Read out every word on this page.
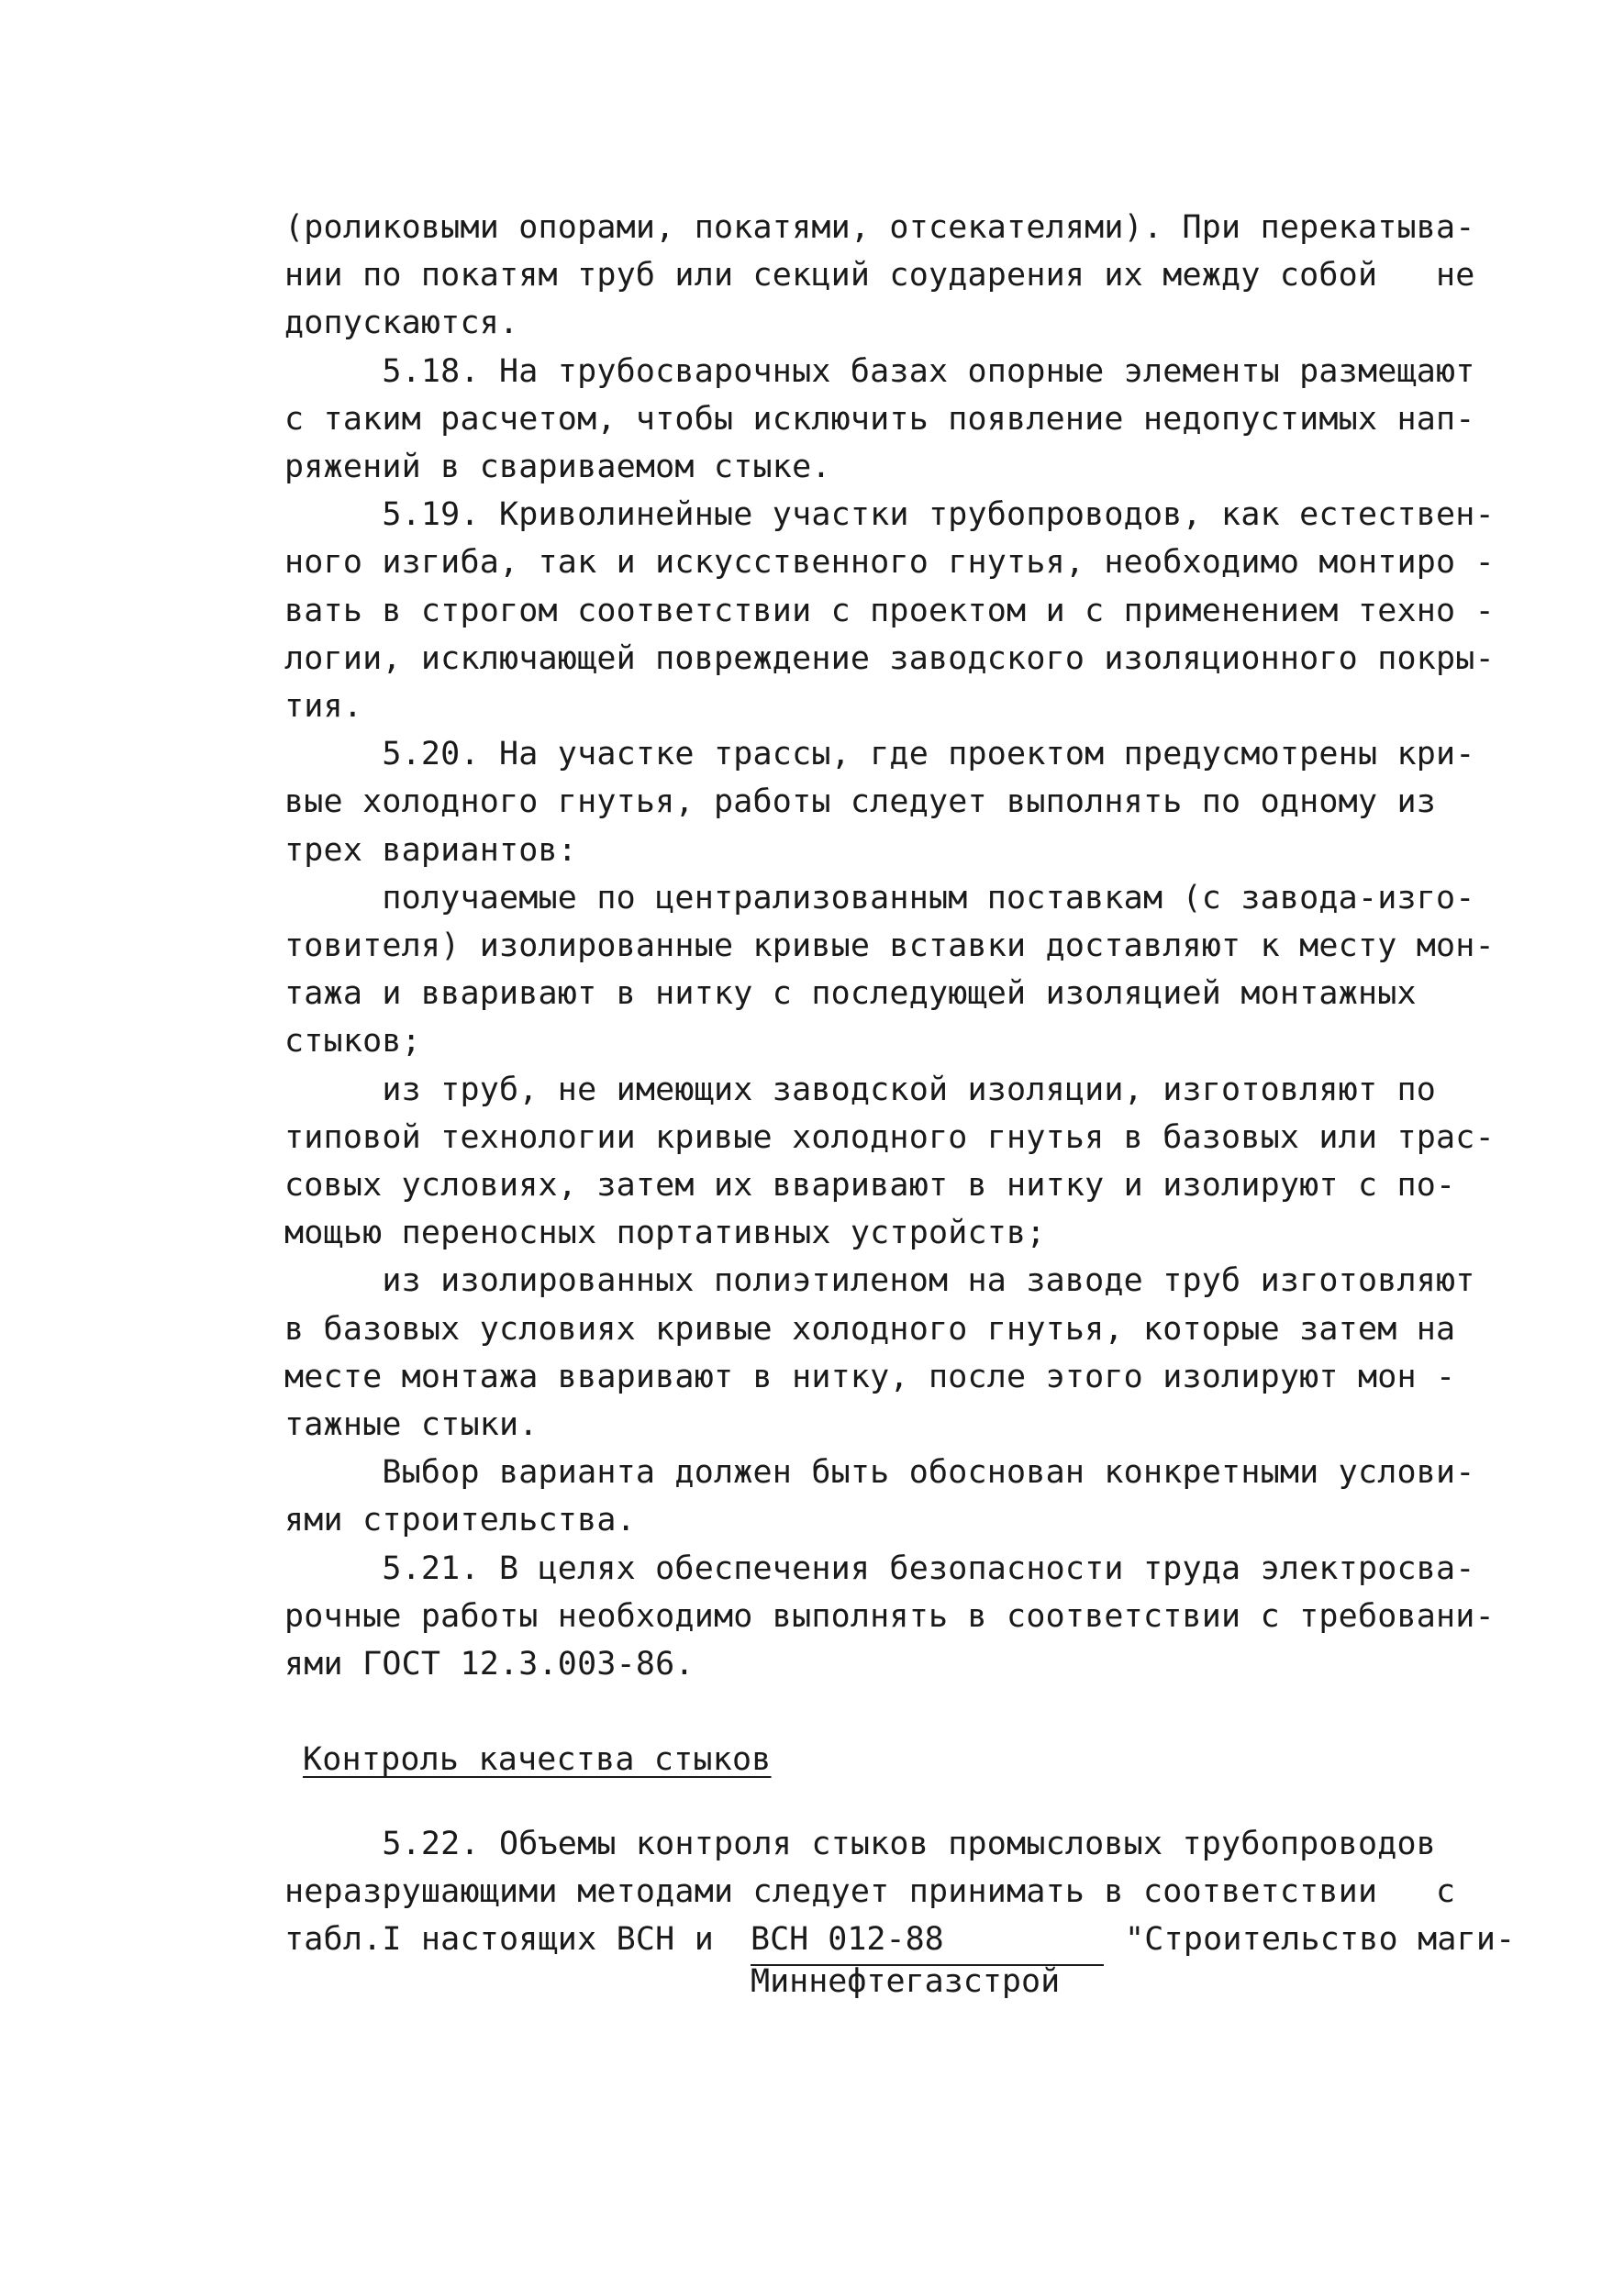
(роликовыми опорами, покатями, отсекателями). При перекатыва-
нии по покатям труб или секций соударения их между собой   не
допускаются.
5.18. На трубосварочных базах опорные элементы размещают
с таким расчетом, чтобы исключить появление недопустимых нап-
ряжений в свариваемом стыке.
5.19. Криволинейные участки трубопроводов, как естествен-
ного изгиба, так и искусственного гнутья, необходимо монтиро -
вать в строгом соответствии с проектом и с применением техно -
логии, исключающей повреждение заводского изоляционного покры-
тия.
5.20. На участке трассы, где проектом предусмотрены кри-
вые холодного гнутья, работы следует выполнять по одному из
трех вариантов:
получаемые по централизованным поставкам (с завода-изго-
товителя) изолированные кривые вставки доставляют к месту мон-
тажа и вваривают в нитку с последующей изоляцией монтажных
стыков;
из труб, не имеющих заводской изоляции, изготовляют по
типовой технологии кривые холодного гнутья в базовых или трас-
совых условиях, затем их вваривают в нитку и изолируют с по-
мощью переносных портативных устройств;
из изолированных полиэтиленом на заводе труб изготовляют
в базовых условиях кривые холодного гнутья, которые затем на
месте монтажа вваривают в нитку, после этого изолируют мон -
тажные стыки.
Выбор варианта должен быть обоснован конкретными услови-
ями строительства.
5.21. В целях обеспечения безопасности труда электросва-
рочные работы необходимо выполнять в соответствии с требовани-
ями ГОСТ 12.3.003-86.
Контроль качества стыков
5.22. Объемы контроля стыков промысловых трубопроводов
неразрушающими методами следует принимать в соответствии   с
табл.I настоящих ВСН и

ВСН 012-88

Миннефтегазстрой

"Строительство маги-
